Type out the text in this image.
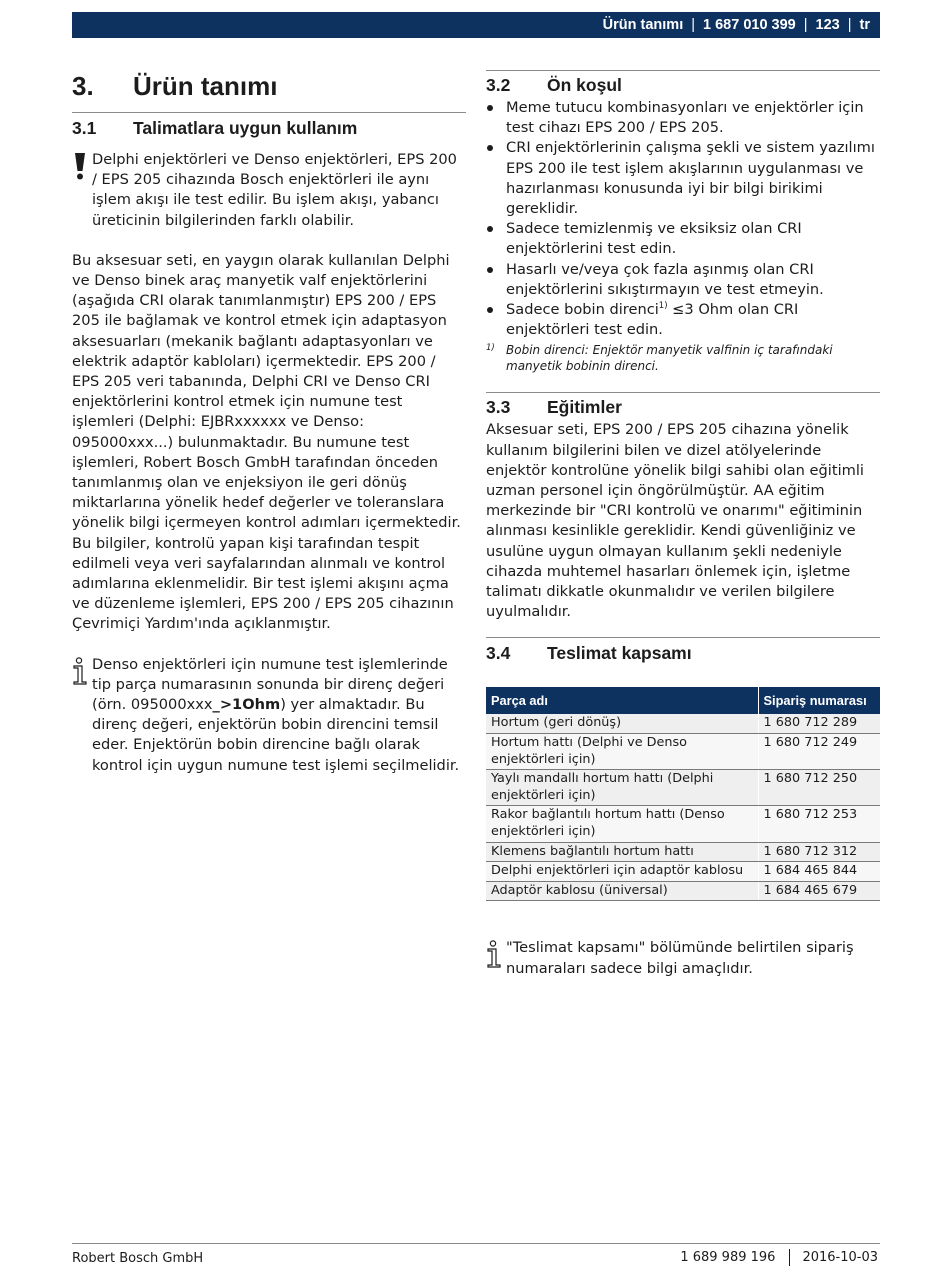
Ürün tanımı | 1 687 010 399 | 123 | tr
3.	Ürün tanımı
3.1	Talimatlara uygun kullanım
Delphi enjektörleri ve Denso enjektörleri, EPS 200 / EPS 205 cihazında Bosch enjektörleri ile aynı işlem akışı ile test edilir. Bu işlem akışı, yabancı üreticinin bilgilerinden farklı olabilir.
Bu aksesuar seti, en yaygın olarak kullanılan Delphi ve Denso binek araç manyetik valf enjektörlerini (aşağıda CRI olarak tanımlanmıştır) EPS 200 / EPS 205 ile bağlamak ve kontrol etmek için adaptasyon aksesuarları (mekanik bağlantı adaptasyonları ve elektrik adaptör kabloları) içermektedir. EPS 200 / EPS 205 veri tabanında, Delphi CRI ve Denso CRI enjektörlerini kontrol etmek için numune test işlemleri (Delphi: EJBRxxxxxx ve Denso: 095000xxx...) bulunmaktadır. Bu numune test işlemleri, Robert Bosch GmbH tarafından önceden tanımlanmış olan ve enjeksiyon ile geri dönüş miktarlarına yönelik hedef değerler ve toleranslara yönelik bilgi içermeyen kontrol adımları içermektedir. Bu bilgiler, kontrolü yapan kişi tarafından tespit edilmeli veya veri sayfalarından alınmalı ve kontrol adımlarına eklenmelidir. Bir test işlemi akışını açma ve düzenleme işlemleri, EPS 200 / EPS 205 cihazının Çevrimiçi Yardım'ında açıklanmıştır.
Denso enjektörleri için numune test işlemlerinde tip parça numarasının sonunda bir direnç değeri (örn. 095000xxx_>1Ohm) yer almaktadır. Bu direnç değeri, enjektörün bobin direncini temsil eder. Enjektörün bobin direncine bağlı olarak kontrol için uygun numune test işlemi seçilmelidir.
3.2	Ön koşul
Meme tutucu kombinasyonları ve enjektörler için test cihazı EPS 200 / EPS 205.
CRI enjektörlerinin çalışma şekli ve sistem yazılımı EPS 200 ile test işlem akışlarının uygulanması ve hazırlanması konusunda iyi bir bilgi birikimi gereklidir.
Sadece temizlenmiş ve eksiksiz olan CRI enjektörlerini test edin.
Hasarlı ve/veya çok fazla aşınmış olan CRI enjektörlerini sıkıştırmayın ve test etmeyin.
Sadece bobin direnci$^{1)}$ ≤3 Ohm olan CRI enjektörleri test edin.
1) Bobin direnci: Enjektör manyetik valfinin iç tarafındaki manyetik bobinin direnci.
3.3	Eğitimler
Aksesuar seti, EPS 200 / EPS 205 cihazına yönelik kullanım bilgilerini bilen ve dizel atölyelerinde enjektör kontrolüne yönelik bilgi sahibi olan eğitimli uzman personel için öngörülmüştür. AA eğitim merkezinde bir "CRI kontrolü ve onarımı" eğitiminin alınması kesinlikle gereklidir. Kendi güvenliğiniz ve usulüne uygun olmayan kullanım şekli nedeniyle cihazda muhtemel hasarları önlemek için, işletme talimatı dikkatle okunmalıdır ve verilen bilgilere uyulmalıdır.
3.4	Teslimat kapsamı
Parça adı	Sipariş numarası
Hortum (geri dönüş)	1 680 712 289
Hortum hattı (Delphi ve Denso enjektörleri için)	1 680 712 249
Yaylı mandallı hortum hattı (Delphi enjektörleri için)	1 680 712 250
Rakor bağlantılı hortum hattı (Denso enjektörleri için)	1 680 712 253
Klemens bağlantılı hortum hattı	1 680 712 312
Delphi enjektörleri için adaptör kablosu	1 684 465 844
Adaptör kablosu (üniversal)	1 684 465 679
"Teslimat kapsamı" bölümünde belirtilen sipariş numaraları sadece bilgi amaçlıdır.
Robert Bosch GmbH	1 689 989 196 2016-10-03
